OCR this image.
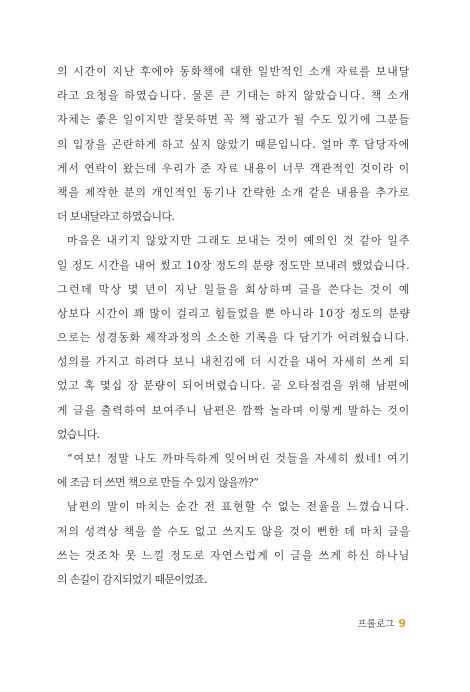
의 시간이 지난 후에야 동화책에 대한 일반적인 소개 자료를 보내달
라고 요청을 하였습니다. 물론 큰 기대는 하지 않았습니다. 책 소개
자체는 좋은 일이지만 잘못하면 꼭 책 광고가 될 수도 있기에 그분들
의 입장을 곤란하게 하고 싶지 않았기 때문입니다. 얼마 후 담당자에
게서 연락이 왔는데 우리가 준 자료 내용이 너무 객관적인 것이라 이
책을 제작한 분의 개인적인 동기나 간략한 소개 같은 내용을 추가로
더 보내달라고 하였습니다.
마음은 내키지 않았지만 그래도 보내는 것이 예의인 것 같아 일주
일 정도 시간을 내어 썼고 10장 정도의 분량 정도만 보내려 했었습니다.
그런데 막상 몇 년이 지난 일들을 회상하며 글을 쓴다는 것이 예
상보다 시간이 꽤 많이 걸리고 힘들었을 뿐 아니라 10장 정도의 분량
으로는 성경동화 제작과정의 소소한 기록을 다 담기가 어려웠습니다.
성의를 가지고 하려다 보니 내친김에 더 시간을 내어 자세히 쓰게 되
었고 혹 몇십 장 분량이 되어버렸습니다. 곧 오타점검을 위해 남편에
게 글을 출력하여 보여주니 남편은 깜짝 놀라며 이렇게 말하는 것이
었습니다.
“여보! 정말 나도 까마득하게 잊어버린 것들을 자세히 썼네! 여기
에 조금 더 쓰면 책으로 만들 수 있지 않을까?”
남편의 말이 마치는 순간 전 표현할 수 없는 전율을 느꼈습니다.
저의 성격상 책을 쓸 수도 없고 쓰지도 않을 것이 뻔한 데 마치 글을
쓰는 것조차 못 느낄 정도로 자연스럽게 이 글을 쓰게 하신 하나님
의 손길이 감지되었기 때문이었죠.
프롤로그 9
